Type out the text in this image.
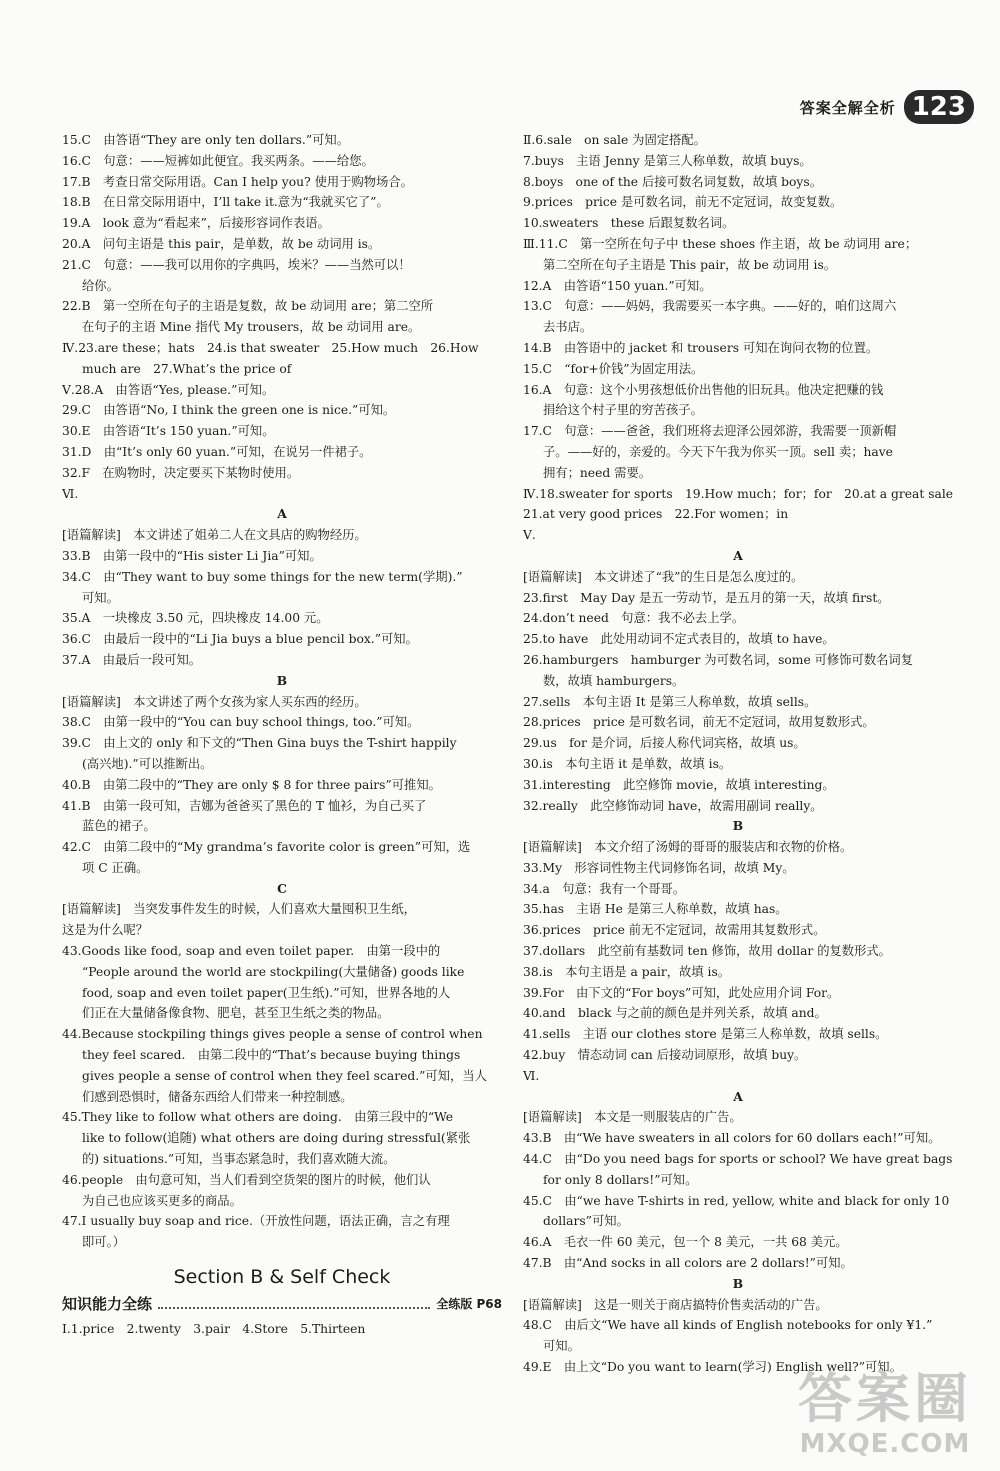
答案全解全析 123
15.C　由答语“They are only ten dollars.”可知。
16.C　句意：——短裤如此便宜。我买两条。——给您。
17.B　考查日常交际用语。Can I help you? 使用于购物场合。
18.B　在日常交际用语中，I’ll take it.意为“我就买它了”。
19.A　look 意为“看起来”，后接形容词作表语。
20.A　问句主语是 this pair，是单数，故 be 动词用 is。
21.C　句意：——我可以用你的字典吗，埃米？——当然可以！
给你。
22.B　第一空所在句子的主语是复数，故 be 动词用 are；第二空所
在句子的主语 Mine 指代 My trousers，故 be 动词用 are。
Ⅳ.23.are these；hats　24.is that sweater　25.How much　26.How
much are　27.What’s the price of
Ⅴ.28.A　由答语“Yes, please.”可知。
29.C　由答语“No, I think the green one is nice.”可知。
30.E　由答语“It’s 150 yuan.”可知。
31.D　由“It’s only 60 yuan.”可知，在说另一件裙子。
32.F　在购物时，决定要买下某物时使用。
Ⅵ.
A
[语篇解读]　本文讲述了姐弟二人在文具店的购物经历。
33.B　由第一段中的“His sister Li Jia”可知。
34.C　由“They want to buy some things for the new term(学期).”
可知。
35.A　一块橡皮 3.50 元，四块橡皮 14.00 元。
36.C　由最后一段中的“Li Jia buys a blue pencil box.”可知。
37.A　由最后一段可知。
B
[语篇解读]　本文讲述了两个女孩为家人买东西的经历。
38.C　由第一段中的“You can buy school things, too.”可知。
39.C　由上文的 only 和下文的“Then Gina buys the T-shirt happily
(高兴地).”可以推断出。
40.B　由第二段中的“They are only $ 8 for three pairs”可推知。
41.B　由第一段可知，吉娜为爸爸买了黑色的 T 恤衫，为自己买了
蓝色的裙子。
42.C　由第二段中的“My grandma’s favorite color is green”可知，选
项 C 正确。
C
[语篇解读]　当突发事件发生的时候，人们喜欢大量囤积卫生纸，
这是为什么呢？
43.Goods like food, soap and even toilet paper.　由第一段中的
“People around the world are stockpiling(大量储备) goods like
food, soap and even toilet paper(卫生纸).”可知，世界各地的人
们正在大量储备像食物、肥皂，甚至卫生纸之类的物品。
44.Because stockpiling things gives people a sense of control when
they feel scared.　由第二段中的“That’s because buying things
gives people a sense of control when they feel scared.”可知，当人
们感到恐惧时，储备东西给人们带来一种控制感。
45.They like to follow what others are doing.　由第三段中的“We
like to follow(追随) what others are doing during stressful(紧张
的) situations.”可知，当事态紧急时，我们喜欢随大流。
46.people　由句意可知，当人们看到空货架的图片的时候，他们认
为自己也应该买更多的商品。
47.I usually buy soap and rice.（开放性问题，语法正确，言之有理
即可。）
Section B & Self Check
知识能力全练	全练版 P68
Ⅰ.1.price　2.twenty　3.pair　4.Store　5.Thirteen
Ⅱ.6.sale　on sale 为固定搭配。
7.buys　主语 Jenny 是第三人称单数，故填 buys。
8.boys　one of the 后接可数名词复数，故填 boys。
9.prices　price 是可数名词，前无不定冠词，故变复数。
10.sweaters　these 后跟复数名词。
Ⅲ.11.C　第一空所在句子中 these shoes 作主语，故 be 动词用 are；
第二空所在句子主语是 This pair，故 be 动词用 is。
12.A　由答语“150 yuan.”可知。
13.C　句意：——妈妈，我需要买一本字典。——好的，咱们这周六
去书店。
14.B　由答语中的 jacket 和 trousers 可知在询问衣物的位置。
15.C　“for+价钱”为固定用法。
16.A　句意：这个小男孩想低价出售他的旧玩具。他决定把赚的钱
捐给这个村子里的穷苦孩子。
17.C　句意：——爸爸，我们班将去迎泽公园郊游，我需要一顶新帽
子。——好的，亲爱的。今天下午我为你买一顶。sell 卖；have
拥有；need 需要。
Ⅳ.18.sweater for sports　19.How much；for；for　20.at a great sale
21.at very good prices　22.For women；in
Ⅴ.
A
[语篇解读]　本文讲述了“我”的生日是怎么度过的。
23.first　May Day 是五一劳动节，是五月的第一天，故填 first。
24.don’t need　句意：我不必去上学。
25.to have　此处用动词不定式表目的，故填 to have。
26.hamburgers　hamburger 为可数名词，some 可修饰可数名词复
数，故填 hamburgers。
27.sells　本句主语 It 是第三人称单数，故填 sells。
28.prices　price 是可数名词，前无不定冠词，故用复数形式。
29.us　for 是介词，后接人称代词宾格，故填 us。
30.is　本句主语 it 是单数，故填 is。
31.interesting　此空修饰 movie，故填 interesting。
32.really　此空修饰动词 have，故需用副词 really。
B
[语篇解读]　本文介绍了汤姆的哥哥的服装店和衣物的价格。
33.My　形容词性物主代词修饰名词，故填 My。
34.a　句意：我有一个哥哥。
35.has　主语 He 是第三人称单数，故填 has。
36.prices　price 前无不定冠词，故需用其复数形式。
37.dollars　此空前有基数词 ten 修饰，故用 dollar 的复数形式。
38.is　本句主语是 a pair，故填 is。
39.For　由下文的“For boys”可知，此处应用介词 For。
40.and　black 与之前的颜色是并列关系，故填 and。
41.sells　主语 our clothes store 是第三人称单数，故填 sells。
42.buy　情态动词 can 后接动词原形，故填 buy。
Ⅵ.
A
[语篇解读]　本文是一则服装店的广告。
43.B　由“We have sweaters in all colors for 60 dollars each!”可知。
44.C　由“Do you need bags for sports or school? We have great bags
for only 8 dollars!”可知。
45.C　由“we have T-shirts in red, yellow, white and black for only 10
dollars”可知。
46.A　毛衣一件 60 美元，包一个 8 美元，一共 68 美元。
47.B　由“And socks in all colors are 2 dollars!”可知。
B
[语篇解读]　这是一则关于商店搞特价售卖活动的广告。
48.C　由后文“We have all kinds of English notebooks for only ¥1.”
可知。
49.E　由上文“Do you want to learn(学习) English well?”可知。
答案圈
MXQE.COM
